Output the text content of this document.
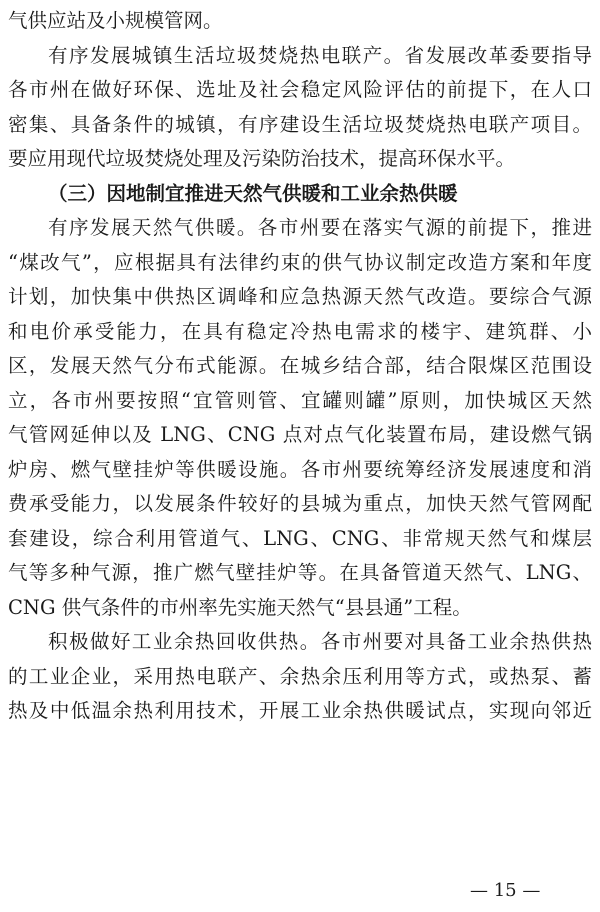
气供应站及小规模管网。
有序发展城镇生活垃圾焚烧热电联产。省发展改革委要指导
各市州在做好环保、选址及社会稳定风险评估的前提下，在人口
密集、具备条件的城镇，有序建设生活垃圾焚烧热电联产项目。
要应用现代垃圾焚烧处理及污染防治技术，提高环保水平。
（三）因地制宜推进天然气供暖和工业余热供暖
有序发展天然气供暖。各市州要在落实气源的前提下，推进
“煤改气”，应根据具有法律约束的供气协议制定改造方案和年度
计划，加快集中供热区调峰和应急热源天然气改造。要综合气源
和电价承受能力，在具有稳定冷热电需求的楼宇、建筑群、小
区，发展天然气分布式能源。在城乡结合部，结合限煤区范围设
立，各市州要按照“宜管则管、宜罐则罐”原则，加快城区天然
气管网延伸以及 LNG、CNG 点对点气化装置布局，建设燃气锅
炉房、燃气壁挂炉等供暖设施。各市州要统筹经济发展速度和消
费承受能力，以发展条件较好的县城为重点，加快天然气管网配
套建设，综合利用管道气、LNG、CNG、非常规天然气和煤层
气等多种气源，推广燃气壁挂炉等。在具备管道天然气、LNG、
CNG 供气条件的市州率先实施天然气“县县通”工程。
积极做好工业余热回收供热。各市州要对具备工业余热供热
的工业企业，采用热电联产、余热余压利用等方式，或热泵、蓄
热及中低温余热利用技术，开展工业余热供暖试点，实现向邻近
— 15 —
